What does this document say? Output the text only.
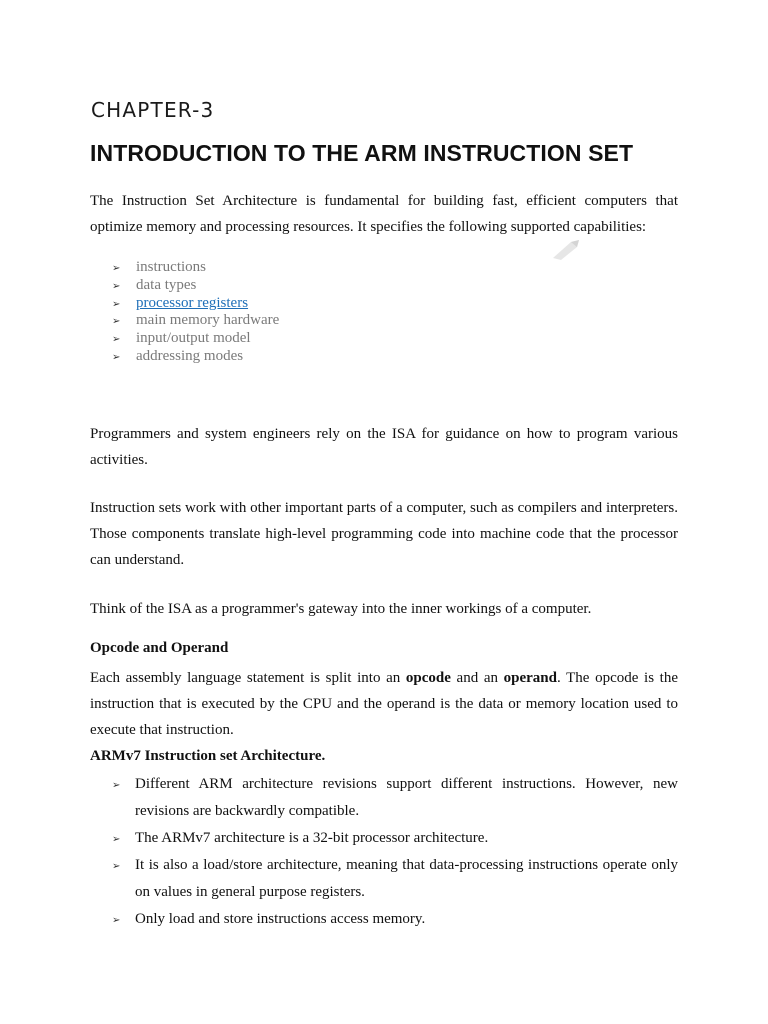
CHAPTER-3
INTRODUCTION TO THE ARM INSTRUCTION SET

The Instruction Set Architecture is fundamental for building fast, efficient computers that optimize memory and processing resources. It specifies the following supported capabilities:

➢ instructions
➢ data types
➢ processor registers
➢ main memory hardware
➢ input/output model
➢ addressing modes

Programmers and system engineers rely on the ISA for guidance on how to program various activities.

Instruction sets work with other important parts of a computer, such as compilers and interpreters. Those components translate high-level programming code into machine code that the processor can understand.

Think of the ISA as a programmer's gateway into the inner workings of a computer.

Opcode and Operand

Each assembly language statement is split into an opcode and an operand. The opcode is the instruction that is executed by the CPU and the operand is the data or memory location used to execute that instruction.

ARMv7 Instruction set Architecture.
➢ Different ARM architecture revisions support different instructions. However, new revisions are backwardly compatible.
➢ The ARMv7 architecture is a 32-bit processor architecture.
➢ It is also a load/store architecture, meaning that data-processing instructions operate only on values in general purpose registers.
➢ Only load and store instructions access memory.
